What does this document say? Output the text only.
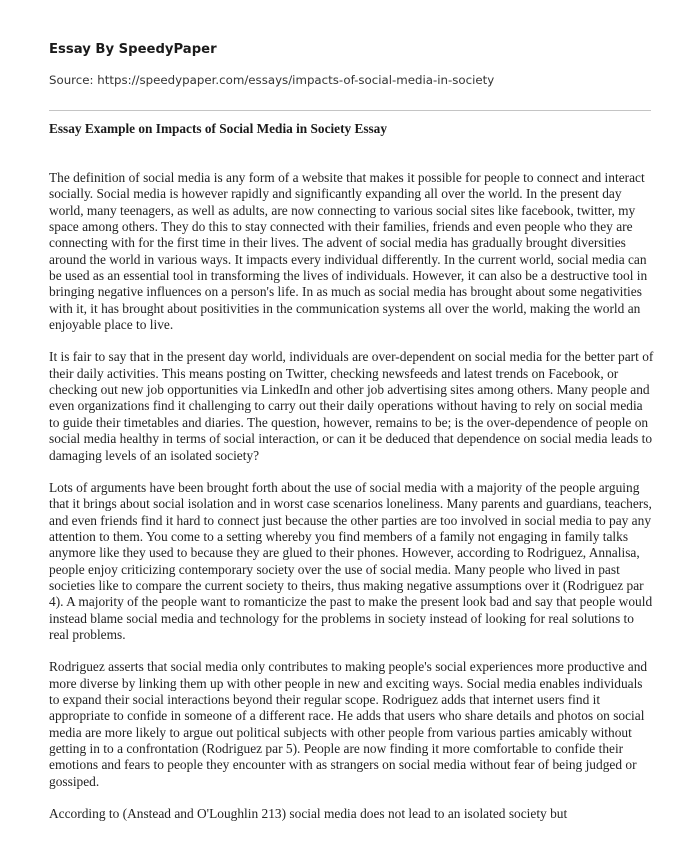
Essay By SpeedyPaper

Source: https://speedypaper.com/essays/impacts-of-social-media-in-society

Essay Example on Impacts of Social Media in Society Essay

The definition of social media is any form of a website that makes it possible for people to connect and interact socially. Social media is however rapidly and significantly expanding all over the world. In the present day world, many teenagers, as well as adults, are now connecting to various social sites like facebook, twitter, my space among others. They do this to stay connected with their families, friends and even people who they are connecting with for the first time in their lives. The advent of social media has gradually brought diversities around the world in various ways. It impacts every individual differently. In the current world, social media can be used as an essential tool in transforming the lives of individuals. However, it can also be a destructive tool in bringing negative influences on a person's life. In as much as social media has brought about some negativities with it, it has brought about positivities in the communication systems all over the world, making the world an enjoyable place to live.

It is fair to say that in the present day world, individuals are over-dependent on social media for the better part of their daily activities. This means posting on Twitter, checking newsfeeds and latest trends on Facebook, or checking out new job opportunities via LinkedIn and other job advertising sites among others. Many people and even organizations find it challenging to carry out their daily operations without having to rely on social media to guide their timetables and diaries. The question, however, remains to be; is the over-dependence of people on social media healthy in terms of social interaction, or can it be deduced that dependence on social media leads to damaging levels of an isolated society?

Lots of arguments have been brought forth about the use of social media with a majority of the people arguing that it brings about social isolation and in worst case scenarios loneliness. Many parents and guardians, teachers, and even friends find it hard to connect just because the other parties are too involved in social media to pay any attention to them. You come to a setting whereby you find members of a family not engaging in family talks anymore like they used to because they are glued to their phones. However, according to Rodriguez, Annalisa, people enjoy criticizing contemporary society over the use of social media. Many people who lived in past societies like to compare the current society to theirs, thus making negative assumptions over it (Rodriguez par 4). A majority of the people want to romanticize the past to make the present look bad and say that people would instead blame social media and technology for the problems in society instead of looking for real solutions to real problems.

Rodriguez asserts that social media only contributes to making people's social experiences more productive and more diverse by linking them up with other people in new and exciting ways. Social media enables individuals to expand their social interactions beyond their regular scope. Rodriguez adds that internet users find it appropriate to confide in someone of a different race. He adds that users who share details and photos on social media are more likely to argue out political subjects with other people from various parties amicably without getting in to a confrontation (Rodriguez par 5). People are now finding it more comfortable to confide their emotions and fears to people they encounter with as strangers on social media without fear of being judged or gossiped.

According to (Anstead and O'Loughlin 213) social media does not lead to an isolated society but
